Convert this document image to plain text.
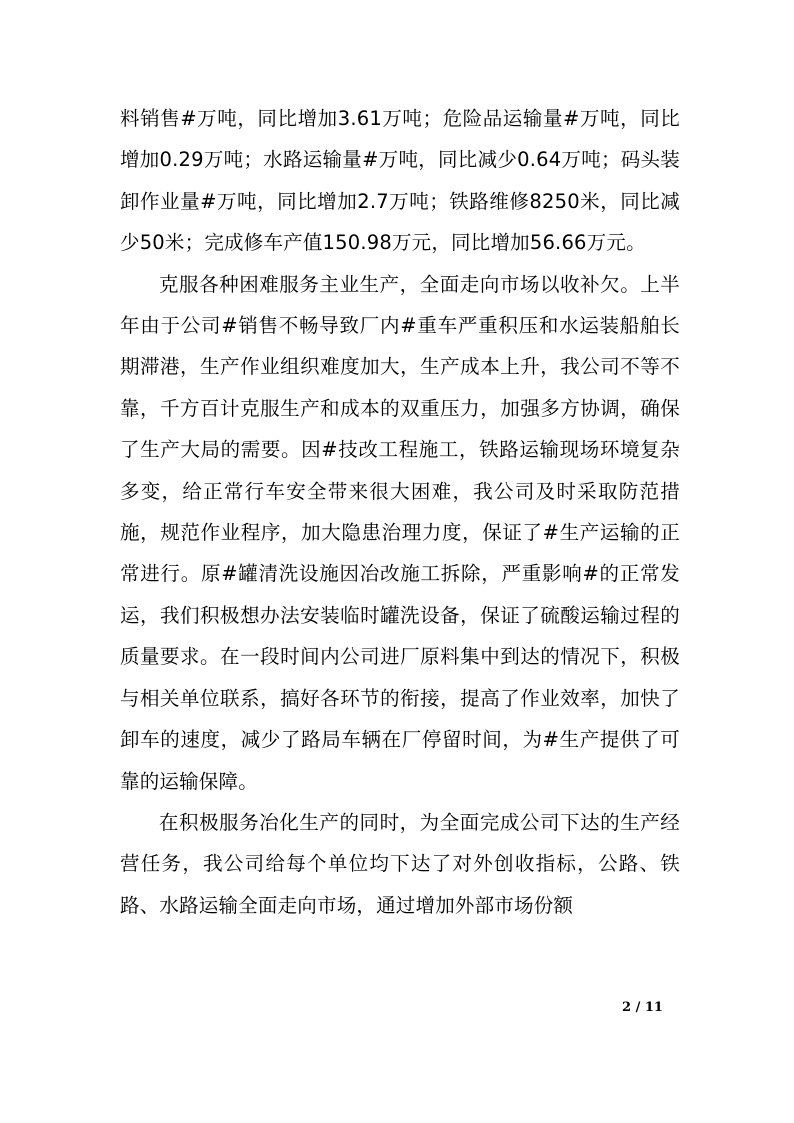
料销售#万吨，同比增加3.61万吨；危险品运输量#万吨，同比增加0.29万吨；水路运输量#万吨，同比减少0.64万吨；码头装卸作业量#万吨，同比增加2.7万吨；铁路维修8250米，同比减少50米；完成修车产值150.98万元，同比增加56.66万元。

克服各种困难服务主业生产，全面走向市场以收补欠。上半年由于公司#销售不畅导致厂内#重车严重积压和水运装船舶长期滞港，生产作业组织难度加大，生产成本上升，我公司不等不靠，千方百计克服生产和成本的双重压力，加强多方协调，确保了生产大局的需要。因#技改工程施工，铁路运输现场环境复杂多变，给正常行车安全带来很大困难，我公司及时采取防范措施，规范作业程序，加大隐患治理力度，保证了#生产运输的正常进行。原#罐清洗设施因冶改施工拆除，严重影响#的正常发运，我们积极想办法安装临时罐洗设备，保证了硫酸运输过程的质量要求。在一段时间内公司进厂原料集中到达的情况下，积极与相关单位联系，搞好各环节的衔接，提高了作业效率，加快了卸车的速度，减少了路局车辆在厂停留时间，为#生产提供了可靠的运输保障。

在积极服务冶化生产的同时，为全面完成公司下达的生产经营任务，我公司给每个单位均下达了对外创收指标，公路、铁路、水路运输全面走向市场，通过增加外部市场份额

2 / 11
